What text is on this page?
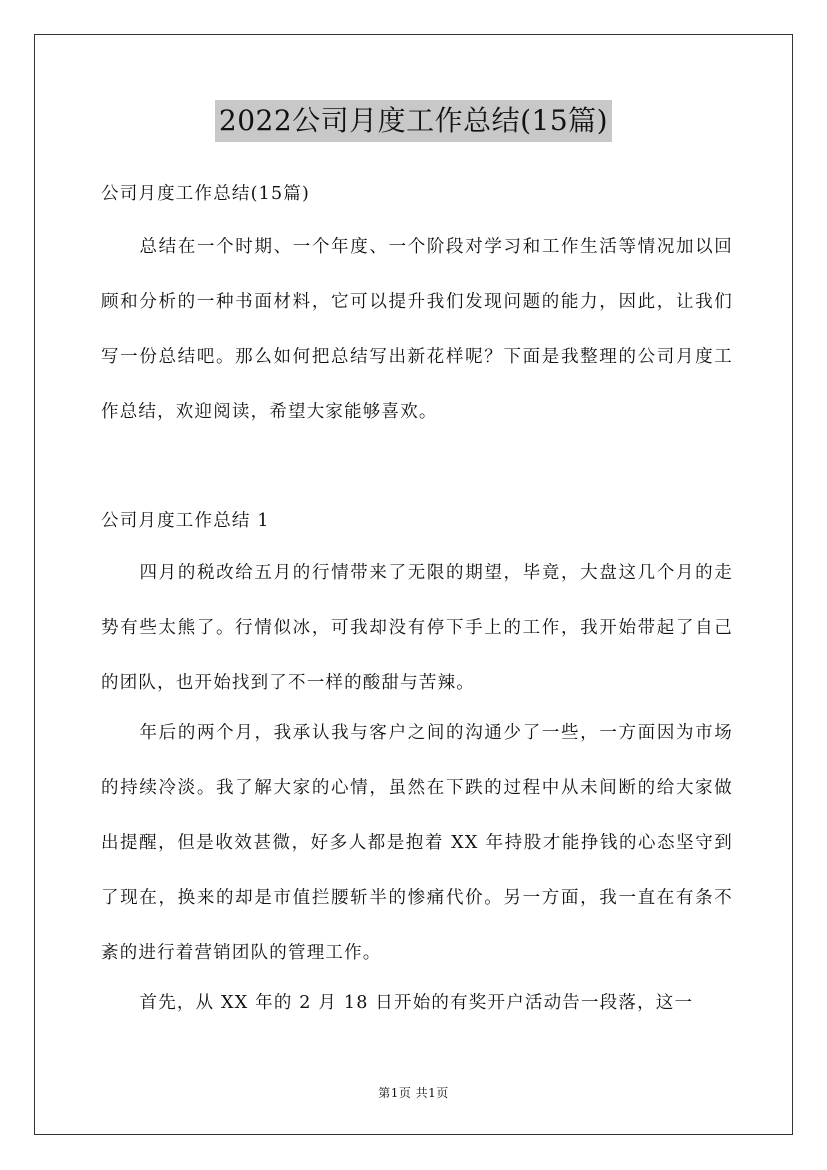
2022公司月度工作总结(15篇)
公司月度工作总结(15篇)
总结在一个时期、一个年度、一个阶段对学习和工作生活等情况加以回顾和分析的一种书面材料，它可以提升我们发现问题的能力，因此，让我们写一份总结吧。那么如何把总结写出新花样呢？下面是我整理的公司月度工作总结，欢迎阅读，希望大家能够喜欢。
公司月度工作总结 1
四月的税改给五月的行情带来了无限的期望，毕竟，大盘这几个月的走势有些太熊了。行情似冰，可我却没有停下手上的工作，我开始带起了自己的团队，也开始找到了不一样的酸甜与苦辣。
年后的两个月，我承认我与客户之间的沟通少了一些，一方面因为市场的持续冷淡。我了解大家的心情，虽然在下跌的过程中从未间断的给大家做出提醒，但是收效甚微，好多人都是抱着 XX 年持股才能挣钱的心态坚守到了现在，换来的却是市值拦腰斩半的惨痛代价。另一方面，我一直在有条不紊的进行着营销团队的管理工作。
首先，从 XX 年的 2 月 18 日开始的有奖开户活动告一段落，这一
第1页 共1页
